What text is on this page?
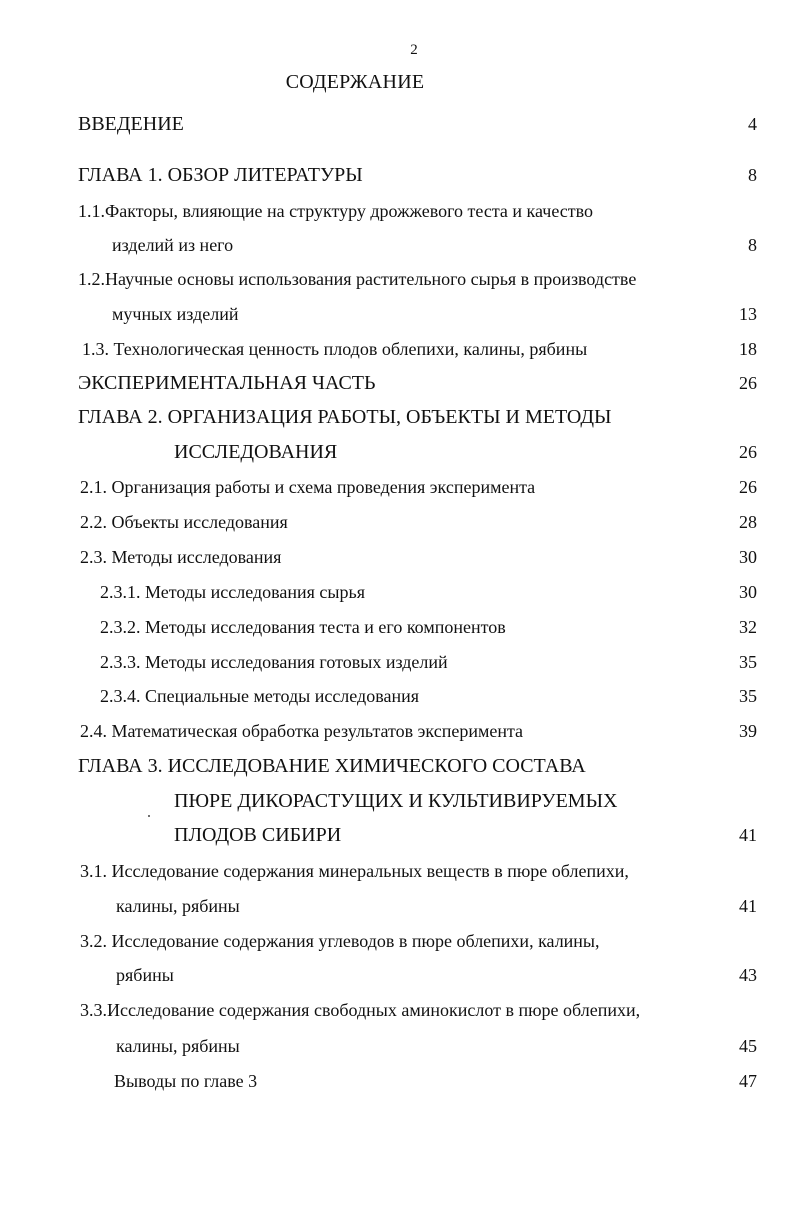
2
СОДЕРЖАНИЕ
ВВЕДЕНИЕ	4
ГЛАВА 1. ОБЗОР ЛИТЕРАТУРЫ	8
1.1.Факторы, влияющие на структуру дрожжевого теста и качество
изделий из него	8
1.2.Научные основы использования растительного сырья в производстве
мучных изделий	13
1.3. Технологическая ценность плодов облепихи, калины, рябины	18
ЭКСПЕРИМЕНТАЛЬНАЯ ЧАСТЬ	26
ГЛАВА 2. ОРГАНИЗАЦИЯ РАБОТЫ, ОБЪЕКТЫ И МЕТОДЫ
ИССЛЕДОВАНИЯ	26
2.1. Организация работы и схема проведения эксперимента	26
2.2. Объекты исследования	28
2.3. Методы исследования	30
2.3.1. Методы исследования сырья	30
2.3.2. Методы исследования теста и его компонентов	32
2.3.3. Методы исследования готовых изделий	35
2.3.4. Специальные методы исследования	35
2.4. Математическая обработка результатов эксперимента	39
ГЛАВА 3. ИССЛЕДОВАНИЕ ХИМИЧЕСКОГО СОСТАВА
ПЮРЕ ДИКОРАСТУЩИХ И КУЛЬТИВИРУЕМЫХ
ПЛОДОВ СИБИРИ	41
3.1. Исследование содержания минеральных веществ в пюре облепихи,
калины, рябины	41
3.2. Исследование содержания углеводов в пюре облепихи, калины,
рябины	43
3.3.Исследование содержания свободных аминокислот в пюре облепихи,
калины, рябины	45
Выводы по главе 3	47
